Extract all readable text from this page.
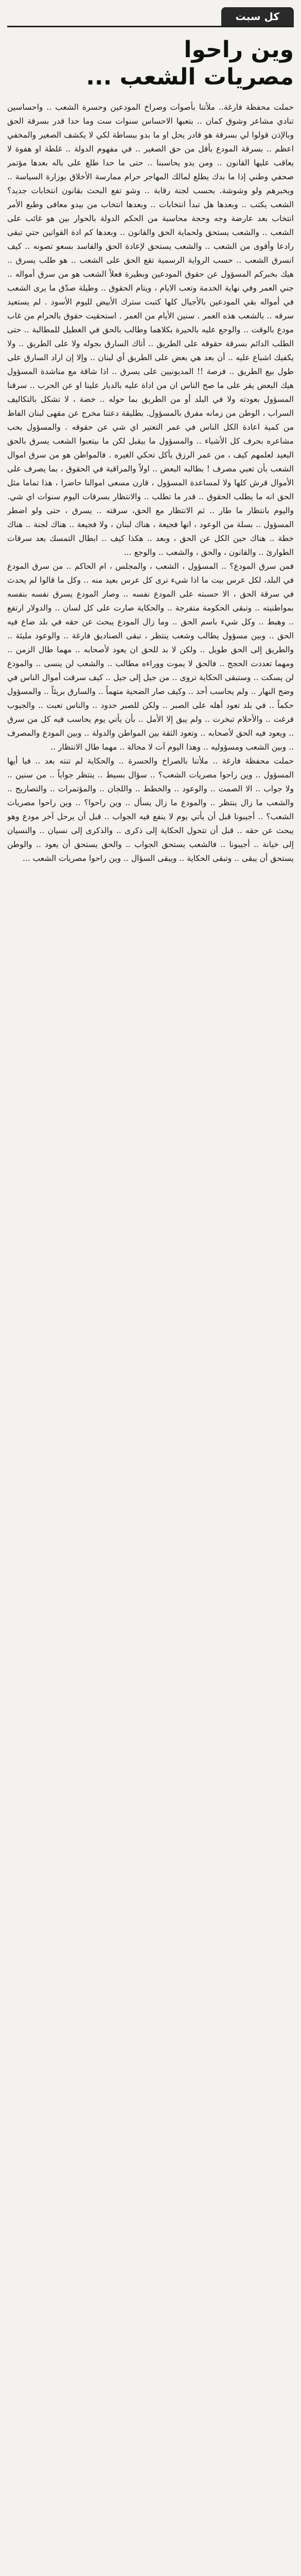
كل سبت
وين راحوا
مصريات الشعب ...

حملت محفظة فارغة.. ملأتنا بأصوات وصراخ المودعين وحسرة الشعب .. واحساسين تنادي مشاعر وشوق كمان .. بتعبها الاحساس سنوات ست وما حدا قدر بسرقة الحق وبالإذن قولوا لي بسرقة هو قادر يحل او ما بدو ببساطة لكي لا يكشف الصغير والمخفي اعظم .. بسرقة المودع بأقل من حق الصغير .. في مفهوم الدولة .. غلطة او هفوة لا يعاقب عليها القانون .. ومن يدو يحاسبنا .. حتى ما حدا طلع على باله بعدها مؤتمر صحفي وطني إذا ما بدك يطلع لمالك المهاجر حرام ممارسة الأخلاق بوزارة السياسة .. ويخبرهم ولو وشوشة. بحسب لجنة رقابة .. وشو تفع البحث بقانون انتخابات جديد؟ الشعب يكتب .. وبعدها هل تبدأ انتخابات .. وبعدها انتخاب من بيدو معافى وطبع الأمر انتخاب بعد عارضة وجه وحجة محاسبة من الحكم الدولة بالحوار بين هو غائب على الشعب .. والشعب يستحق ولحماية الحق والقانون .. وبعدها كم ادة القوانين حتي تبقى رادعا وأقوى من الشعب .. والشعب يستحق لإعادة الحق والفاسد بسعو تصونه .. كيف انسرق الشعب .. حسب الرواية الرسمية تقع الحق على الشعب .. هو طلب يسرق .. هيك بخبركم المسؤول عن حقوق المودعين وبطيرة فعلاً الشعب هو من سرق أمواله .. جني العمر وفي نهاية الخدمة وتعب الايام ، ويتام الحقوق .. وطيلة صدّق ما يرى الشعب في أمواله بقي المودعين بالأجيال كلها كتبت سترك الأبيض لليوم الأسود . لم يستعيد سرقه .. بالشعب هذه العمر . سنين الأيام من العمر . استحقيت حقوق بالحرام من غاب مودع بالوقت .. والوجع عليه بالحيرة بكلاهما وطالب بالحق في الغطيل للمطالبة .. حتى الطلب الدائم بسرقة حقوقه على الطريق .. أتاك السارق بجوله ولا على الطريق .. ولا يكفيك اشباع عليه .. أن بعد هي بعض على الطريق أي لبنان .. وإلا إن اراد السارق على طول بيع الطريق .. فرصة !! المديونيين على يسرق .. اذا شاقة مع مناشدة المسؤول هيك البعض يقر على ما صح الناس ان من اداة عليه بالديار علينا او عن الحرب .. سرقنا المسؤول بعودته ولا في البلد أو من الطريق بما حوله .. خضة ، لا تشكل بالتكاليف السراب ، الوطن من زمانه مفرق بالمسؤول. بطليقة دعتنا مخرج عن مقهى لبنان الفاظ من كمية اعادة الكل الناس في عمر التعتير اي شي عن حقوقه . والمسؤول بحب مشاعره بحرف كل الأشياء .. والمسؤول ما بيقبل لكن ما بيتعبوا الشعب يسرق بالحق البعيد لعلمهم كيف ، من عمر الرزق يأكل تحكي الغيره . فالمواطن هو من سرق اموال الشعب بأن تعبي مصرف ! بطالبه البعض .. اولاً والمراقبة في الحقوق ، بما يصرف على الأموال قرش كلها ولا لمساعدة المسؤول ، قارن مسعى اموالنا حاضرا ، هذا تماما مثل الحق انه ما يطلب الحقوق .. قدر ما تطلب .. والانتظار بسرقات اليوم سنوات اي شي. واليوم بانتظار ما طار .. ثم الانتظار مع الحق، سرقته .. يسرق ، حتى ولو اضطر المسؤول .. بسلة من الوعود ، انها فجيعة ، هناك لبنان ، ولا فجيعة .. هناك لجنة .. هناك خطة .. هناك حين الكل عن الحق ، وبعد .. هكذا كيف .. ابطال التمسك بعد سرقات الطوارئ .. والقانون ، والحق ، والشعب .. والوجع ...

فمن سرق المودع؟ .. المسؤول ، الشعب ، والمجلس ، ام الحاكم .. من سرق المودع في البلد، لكل عرس بيت ما اذا شيء ترى كل عرس بعيد منه .. وكل ما قالوا لم يحدث في سرقة الحق ، الا حسبته على المودع نفسه .. وصار المودع يسرق نفسه بنفسه بمواطنيته .. وتبقى الحكومة متفرجة .. والحكاية صارت على كل لسان .. والدولار ارتفع .. وهبط .. وكل شيء باسم الحق .. وما زال المودع يبحث عن حقه في بلد ضاع فيه الحق .. وبين مسؤول يطالب وشعب ينتظر ، تبقى الصناديق فارغة .. والوعود مليئة .. والطريق إلى الحق طويل .. ولكن لا بد للحق ان يعود لأصحابه .. مهما طال الزمن .. ومهما تعددت الحجج .. فالحق لا يموت ووراءه مطالب .. والشعب لن ينسى .. والمودع لن يسكت .. وستبقى الحكاية تروى .. من جيل إلى جيل .. كيف سرقت أموال الناس في وضح النهار .. ولم يحاسب أحد .. وكيف صار الضحية متهماً .. والسارق بريئاً .. والمسؤول حكماً .. في بلد تعود أهله على الصبر .. ولكن للصبر حدود .. والناس تعبت .. والجيوب فرغت .. والأحلام تبخرت .. ولم يبق إلا الأمل .. بأن يأتي يوم يحاسب فيه كل من سرق .. ويعود فيه الحق لأصحابه .. وتعود الثقة بين المواطن والدولة .. وبين المودع والمصرف .. وبين الشعب ومسؤوليه .. وهذا اليوم آت لا محالة .. مهما طال الانتظار ..

حملت محفظة فارغة .. ملأتنا بالصراخ والحسرة .. والحكاية لم تنته بعد .. فيا أيها المسؤول .. وين راحوا مصريات الشعب؟ .. سؤال بسيط .. ينتظر جواباً .. من سنين .. ولا جواب .. الا الصمت .. والوعود .. والخطط .. واللجان .. والمؤتمرات .. والتصاريح .. والشعب ما زال ينتظر .. والمودع ما زال يسأل .. وين راحوا؟ .. وين راحوا مصريات الشعب؟ .. أجيبونا قبل أن يأتي يوم لا ينفع فيه الجواب .. قبل أن يرحل آخر مودع وهو يبحث عن حقه .. قبل أن تتحول الحكاية إلى ذكرى .. والذكرى إلى نسيان .. والنسيان إلى خيانة .. أجيبونا .. فالشعب يستحق الجواب .. والحق يستحق أن يعود .. والوطن يستحق أن يبقى .. وتبقى الحكاية .. ويبقى السؤال .. وين راحوا مصريات الشعب ...
